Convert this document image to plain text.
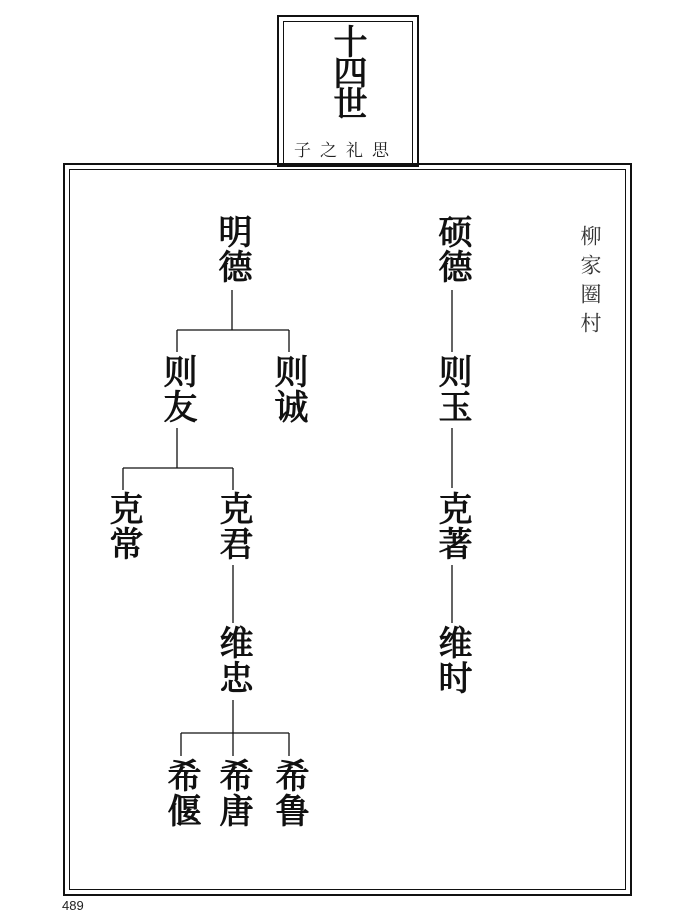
十四世
子之礼思
柳家圈村
明德
则友 则诚
克常 克君
维忠
希偃 希唐 希鲁
硕德
则玉
克著
维时
489
